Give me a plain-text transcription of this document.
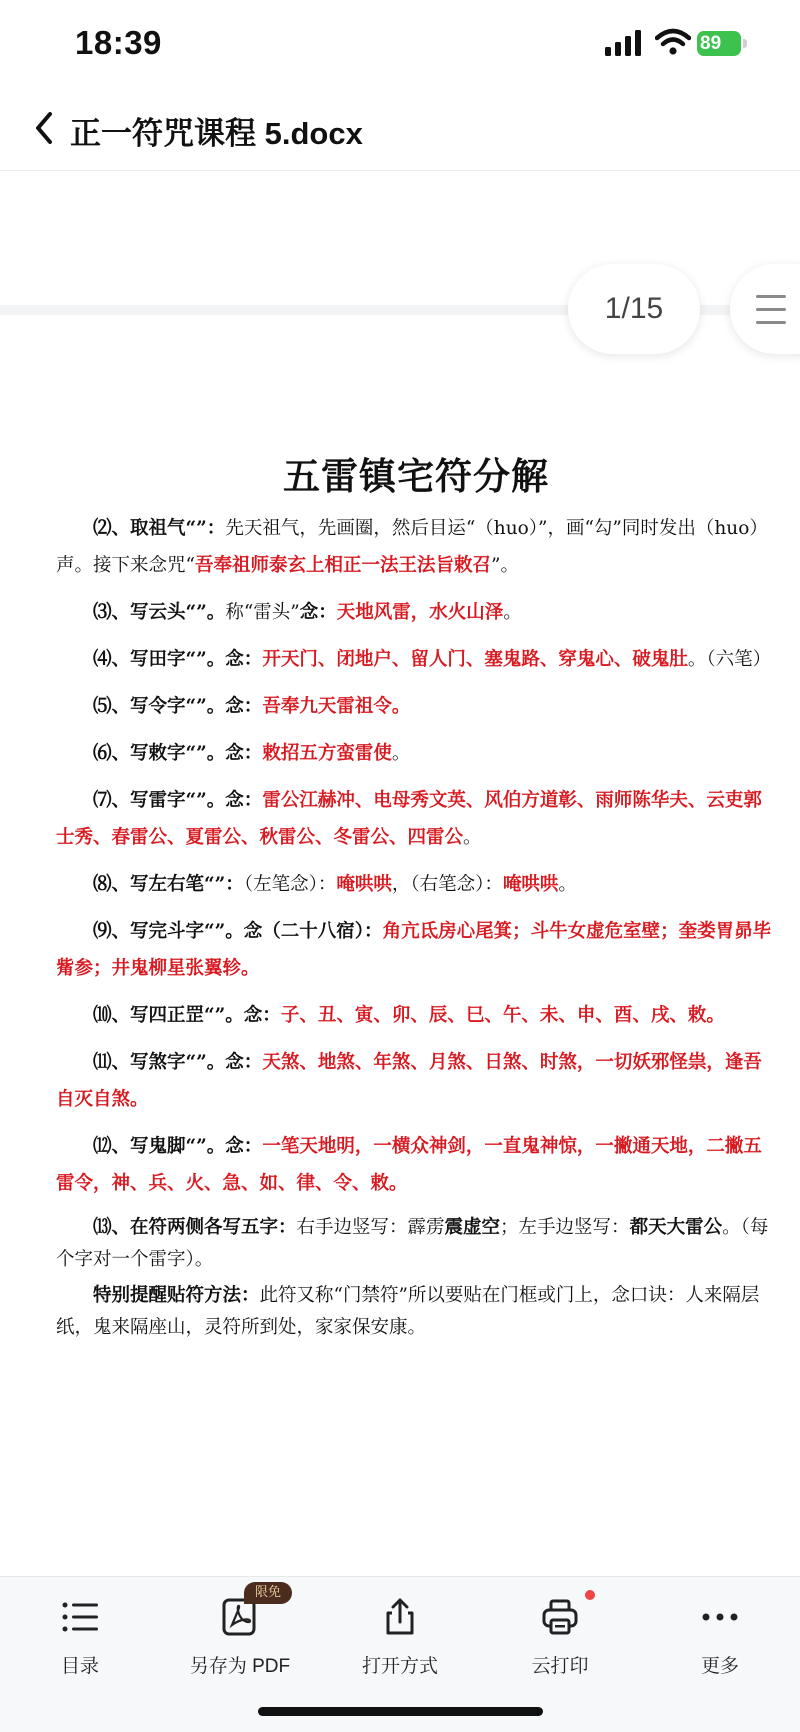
18:39	89
正一符咒课程 5.docx
1/15
五雷镇宅符分解

⑵、取祖气“”：先天祖气，先画圈，然后目运“（huo）”，画“勾”同时发出（huo）声。接下来念咒“吾奉祖师泰玄上相正一法王法旨敕召”。

⑶、写云头“”。称“雷头”念：天地风雷，水火山泽。

⑷、写田字“”。念：开天门、闭地户、留人门、塞鬼路、穿鬼心、破鬼肚。（六笔）

⑸、写令字“”。念：吾奉九天雷祖令。

⑹、写敕字“”。念：敕招五方蛮雷使。

⑺、写雷字“”。念：雷公江赫冲、电母秀文英、风伯方道彰、雨师陈华夫、云吏郭士秀、春雷公、夏雷公、秋雷公、冬雷公、四雷公。

⑻、写左右笔“”：（左笔念）：唵哄哄，（右笔念）：唵哄哄。

⑼、写完斗字“”。念（二十八宿）：角亢氐房心尾箕；斗牛女虚危室壁；奎娄胃昴毕觜参；井鬼柳星张翼轸。

⑽、写四正罡“”。念：子、丑、寅、卯、辰、巳、午、未、申、酉、戌、敕。

⑾、写煞字“”。念：天煞、地煞、年煞、月煞、日煞、时煞，一切妖邪怪祟，逢吾自灭自煞。

⑿、写鬼脚“”。念：一笔天地明，一横众神剑，一直鬼神惊，一撇通天地，二撇五雷令，神、兵、火、急、如、律、令、敕。

⒀、在符两侧各写五字：右手边竖写：霹雳震虚空；左手边竖写：都天大雷公。（每个字对一个雷字）。

特别提醒贴符方法：此符又称“门禁符”所以要贴在门框或门上，念口诀：人来隔层纸，鬼来隔座山，灵符所到处，家家保安康。

目录	另存为 PDF	打开方式	云打印	更多
限免
